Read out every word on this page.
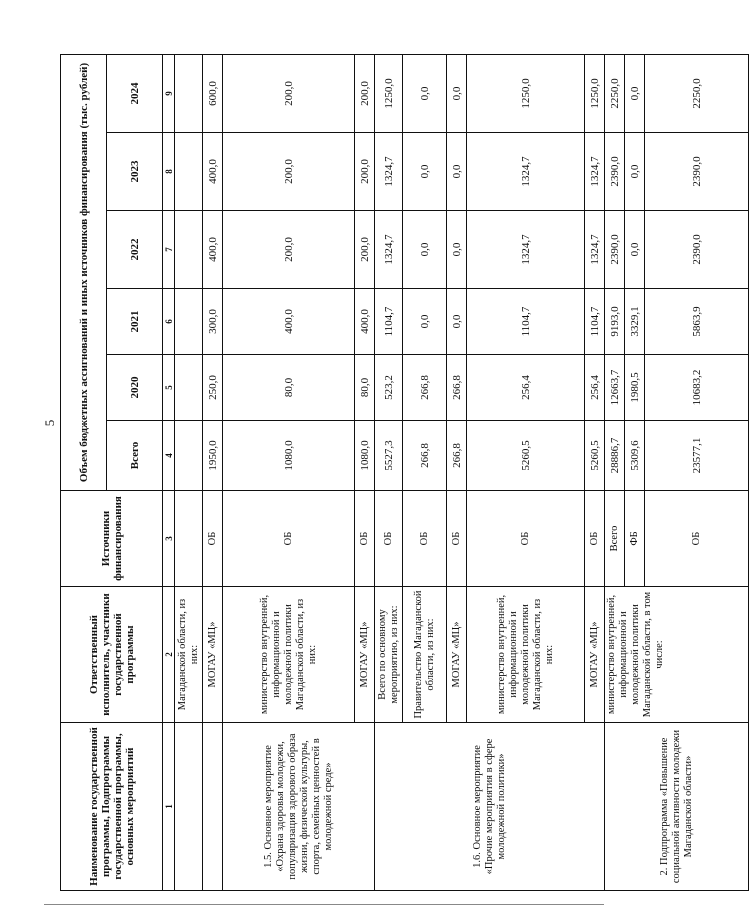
5
Наименование государственной программы, Подпрограммы государственной программы, основных мероприятий	Ответственный исполнитель, участники государственной программы	Источники финансирования	Объем бюджетных ассигнований и иных источников финансирования (тыс. рублей)					
			Всего	2020	2021	2022	2023	2024
1	2	3	4	5	6	7	8	9
	Магаданской области, из них:							
	МОГАУ «МЦ»	ОБ	1950,0	250,0	300,0	400,0	400,0	600,0
1.5. Основное мероприятие «Охрана здоровья молодежи, популяризация здорового образа жизни, физической культуры, спорта, семейных ценностей в молодежной среде»	министерство внутренней, информационной и молодежной политики Магаданской области, из них:	ОБ	1080,0	80,0	400,0	200,0	200,0	200,0
	МОГАУ «МЦ»	ОБ	1080,0	80,0	400,0	200,0	200,0	200,0
1.6. Основное мероприятие «Прочие мероприятия в сфере молодежной политики»	Всего по основному мероприятию, из них:	ОБ	5527,3	523,2	1104,7	1324,7	1324,7	1250,0
	Правительство Магаданской области, из них:	ОБ	266,8	266,8	0,0	0,0	0,0	0,0
	МОГАУ «МЦ»	ОБ	266,8	266,8	0,0	0,0	0,0	0,0
	министерство внутренней, информационной и молодежной политики Магаданской области, из них:	ОБ	5260,5	256,4	1104,7	1324,7	1324,7	1250,0
	МОГАУ «МЦ»	ОБ	5260,5	256,4	1104,7	1324,7	1324,7	1250,0
2. Подпрограмма «Повышение социальной активности молодежи Магаданской области»	министерство внутренней, информационной и молодежной политики Магаданской области, в том числе:	Всего	28886,7	12663,7	9193,0	2390,0	2390,0	2250,0
		ФБ	5309,6	1980,5	3329,1	0,0	0,0	0,0
		ОБ	23577,1	10683,2	5863,9	2390,0	2390,0	2250,0
